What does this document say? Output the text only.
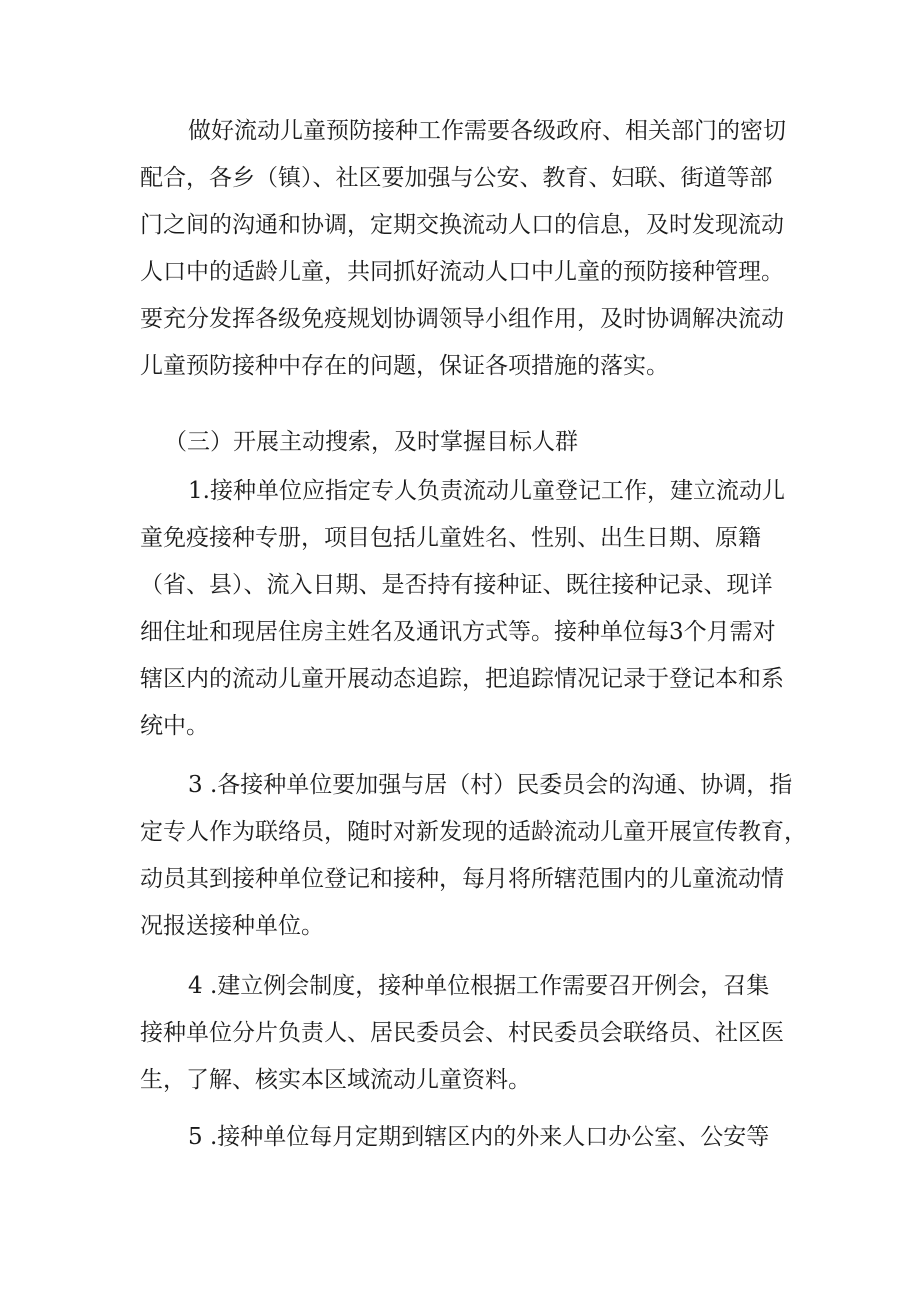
做好流动儿童预防接种工作需要各级政府、相关部门的密切
配合，各乡（镇）、社区要加强与公安、教育、妇联、街道等部
门之间的沟通和协调，定期交换流动人口的信息，及时发现流动
人口中的适龄儿童，共同抓好流动人口中儿童的预防接种管理。
要充分发挥各级免疫规划协调领导小组作用，及时协调解决流动
儿童预防接种中存在的问题，保证各项措施的落实。
（三）开展主动搜索，及时掌握目标人群
1.接种单位应指定专人负责流动儿童登记工作，建立流动儿
童免疫接种专册，项目包括儿童姓名、性别、出生日期、原籍
（省、县）、流入日期、是否持有接种证、既往接种记录、现详
细住址和现居住房主姓名及通讯方式等。接种单位每3个月需对
辖区内的流动儿童开展动态追踪，把追踪情况记录于登记本和系
统中。
3 .各接种单位要加强与居（村）民委员会的沟通、协调，指
定专人作为联络员，随时对新发现的适龄流动儿童开展宣传教育，
动员其到接种单位登记和接种，每月将所辖范围内的儿童流动情
况报送接种单位。
4 .建立例会制度，接种单位根据工作需要召开例会，召集
接种单位分片负责人、居民委员会、村民委员会联络员、社区医
生，了解、核实本区域流动儿童资料。
5 .接种单位每月定期到辖区内的外来人口办公室、公安等
